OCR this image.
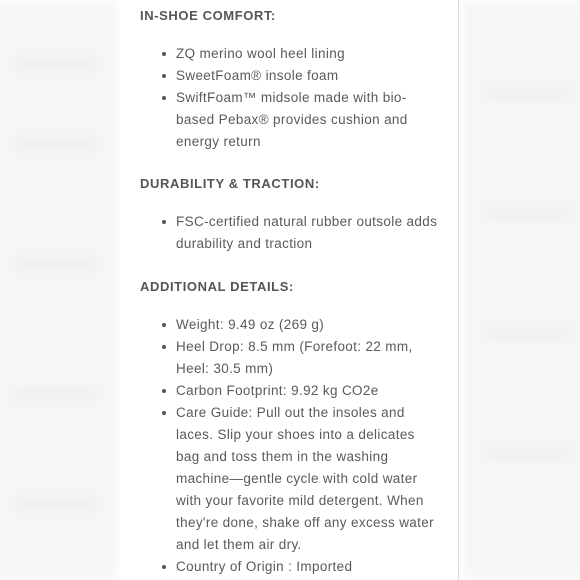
IN-SHOE COMFORT:
ZQ merino wool heel lining
SweetFoam® insole foam
SwiftFoam™ midsole made with bio-based Pebax® provides cushion and energy return
DURABILITY & TRACTION:
FSC-certified natural rubber outsole adds durability and traction
ADDITIONAL DETAILS:
Weight: 9.49 oz (269 g)
Heel Drop: 8.5 mm (Forefoot: 22 mm, Heel: 30.5 mm)
Carbon Footprint: 9.92 kg CO2e
Care Guide: Pull out the insoles and laces. Slip your shoes into a delicates bag and toss them in the washing machine—gentle cycle with cold water with your favorite mild detergent. When they're done, shake off any excess water and let them air dry.
Country of Origin : Imported
